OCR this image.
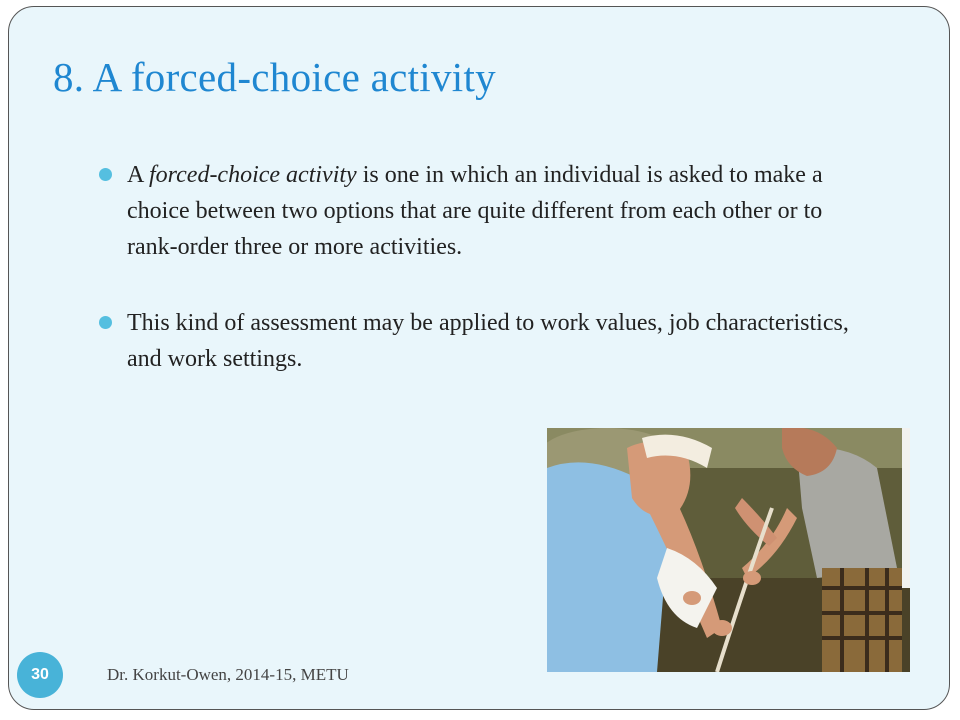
8. A forced-choice activity
A forced-choice activity is one in which an individual is asked to make a choice between two options that are quite different from each other or to rank-order three or more activities.
This kind of assessment may be applied to work values, job characteristics, and work settings.
30	Dr. Korkut-Owen, 2014-15, METU
